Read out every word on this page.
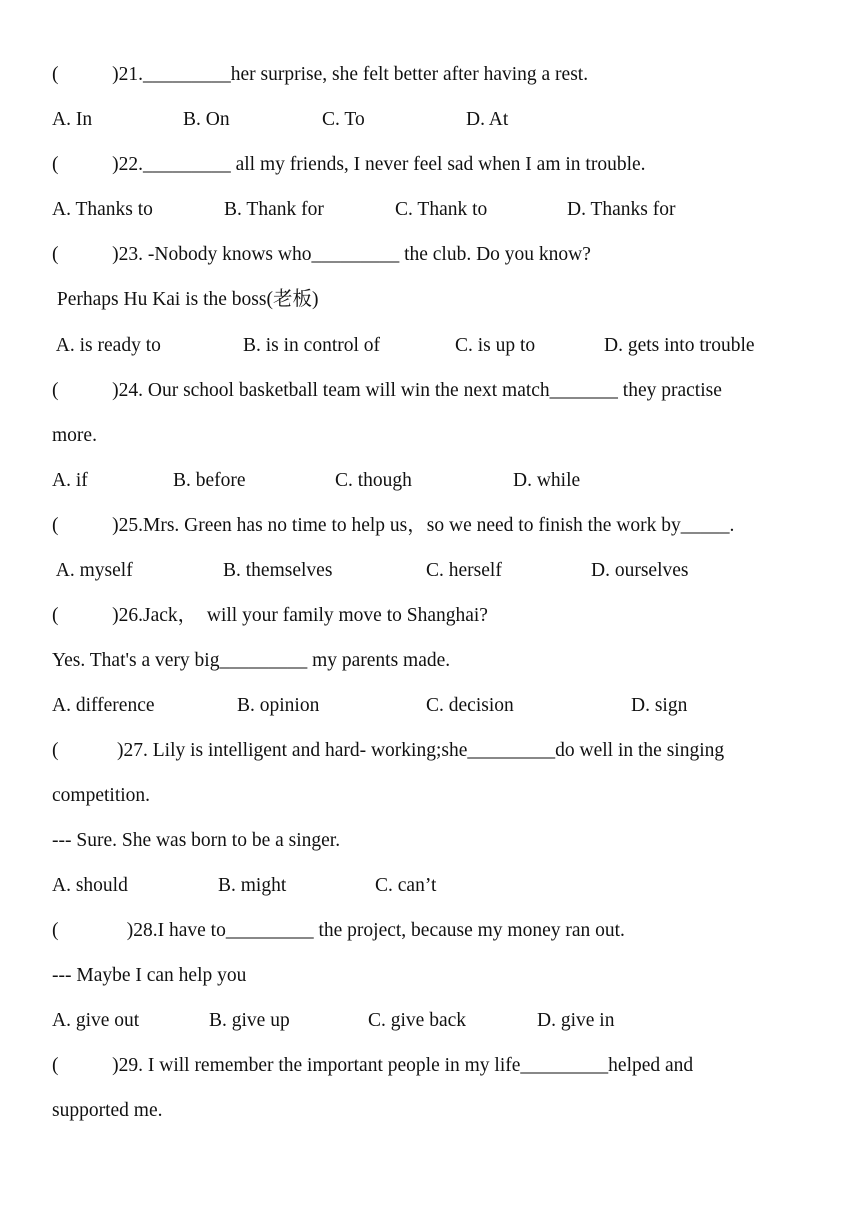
(           )21._________her surprise, she felt better after having a rest.
A. In	B. On	C. To	D. At
(           )22._________ all my friends, I never feel sad when I am in trouble.
A. Thanks to	B. Thank for	C. Thank to	D. Thanks for
(           )23. -Nobody knows who_________ the club. Do you know?
Perhaps Hu Kai is the boss(老板)
A. is ready to	B. is in control of	C. is up to	D. gets into trouble
(           )24. Our school basketball team will win the next match_______ they practise
more.
A. if	B. before	C. though	D. while
(           )25.Mrs. Green has no time to help us，so we need to finish the work by_____.
A. myself	B. themselves	C. herself	D. ourselves
(           )26.Jack，  will your family move to Shanghai?
Yes. That's a very big_________ my parents made.
A. difference	B. opinion	C. decision	D. sign
(            )27. Lily is intelligent and hard- working;she_________do well in the singing
competition.
--- Sure. She was born to be a singer.
A. should	B. might	C. can’t
(              )28.I have to_________ the project, because my money ran out.
--- Maybe I can help you
A. give out	B. give up	C. give back	D. give in
(           )29. I will remember the important people in my life_________helped and
supported me.
